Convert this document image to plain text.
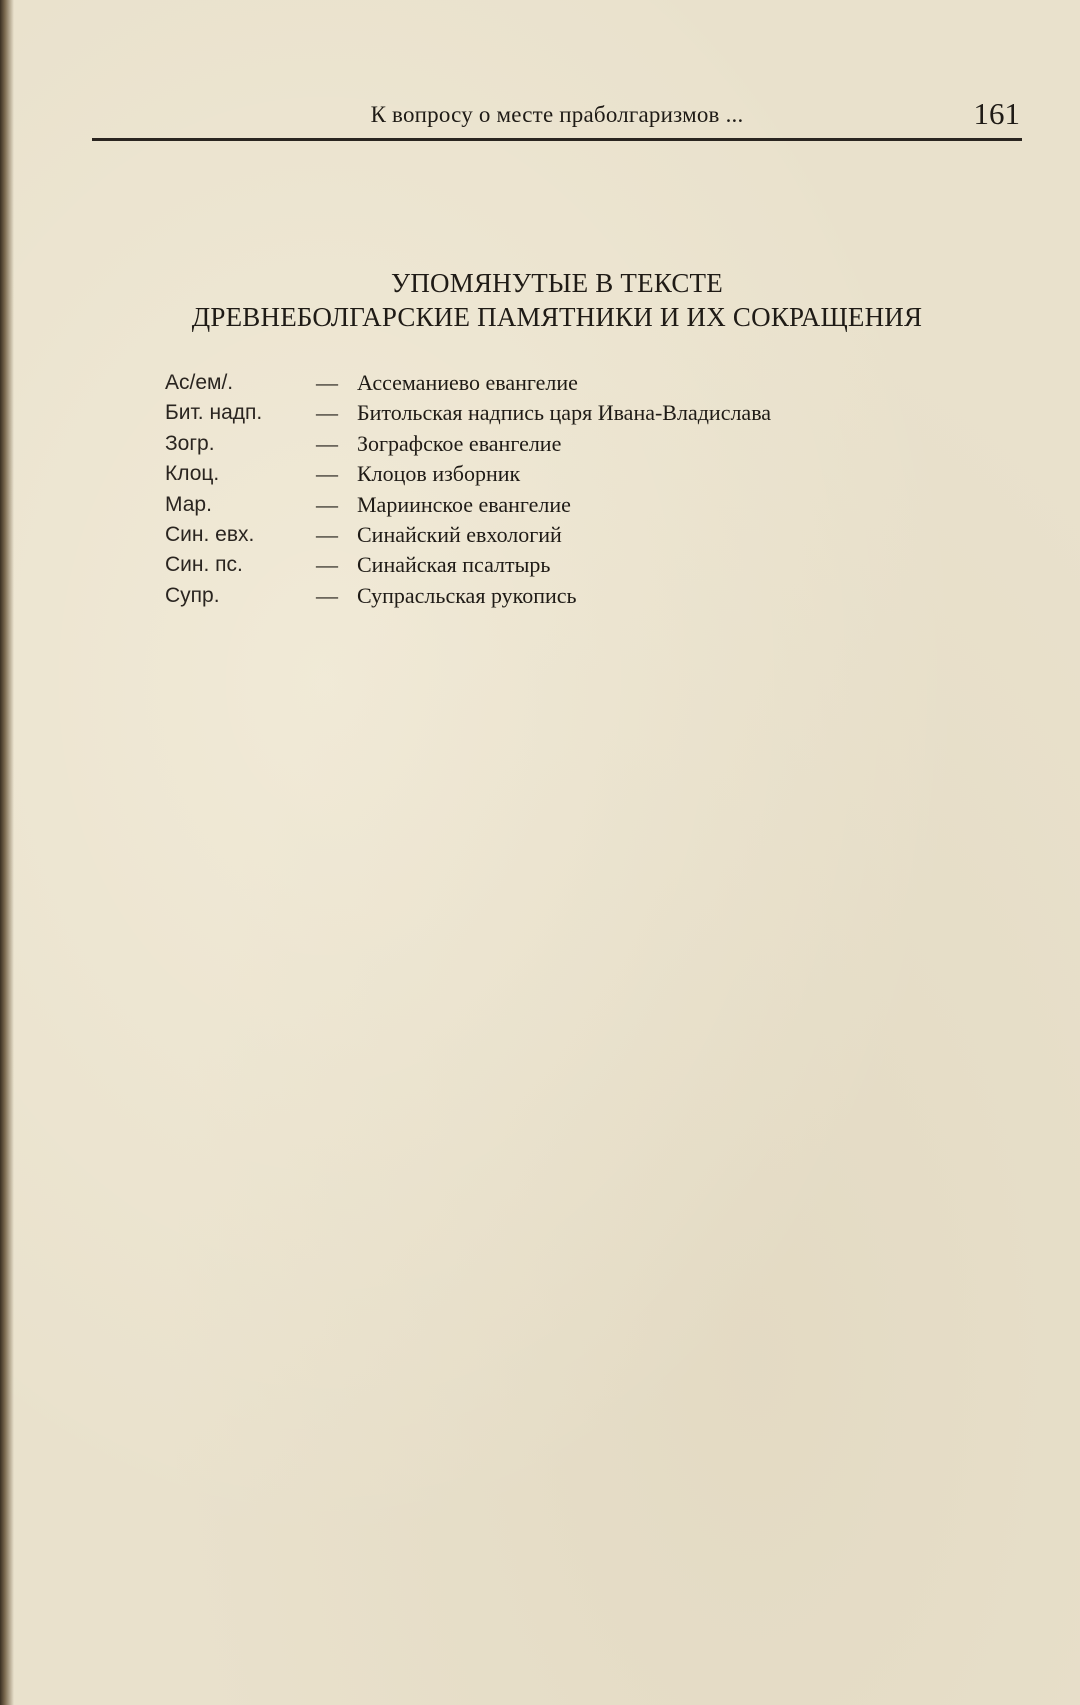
К вопросу о месте праболгаризмов ...	161
УПОМЯНУТЫЕ В ТЕКСТЕ
ДРЕВНЕБОЛГАРСКИЕ ПАМЯТНИКИ И ИХ СОКРАЩЕНИЯ
Ас/ем/.	— Ассеманиево евангелие
Бит. надп.	— Битольская надпись царя Ивана-Владислава
Зогр.	— Зографское евангелие
Клоц.	— Клоцов изборник
Мар.	— Мариинское евангелие
Син. евх.	— Синайский евхологий
Син. пс.	— Синайская псалтырь
Супр.	— Супрасльская рукопись
